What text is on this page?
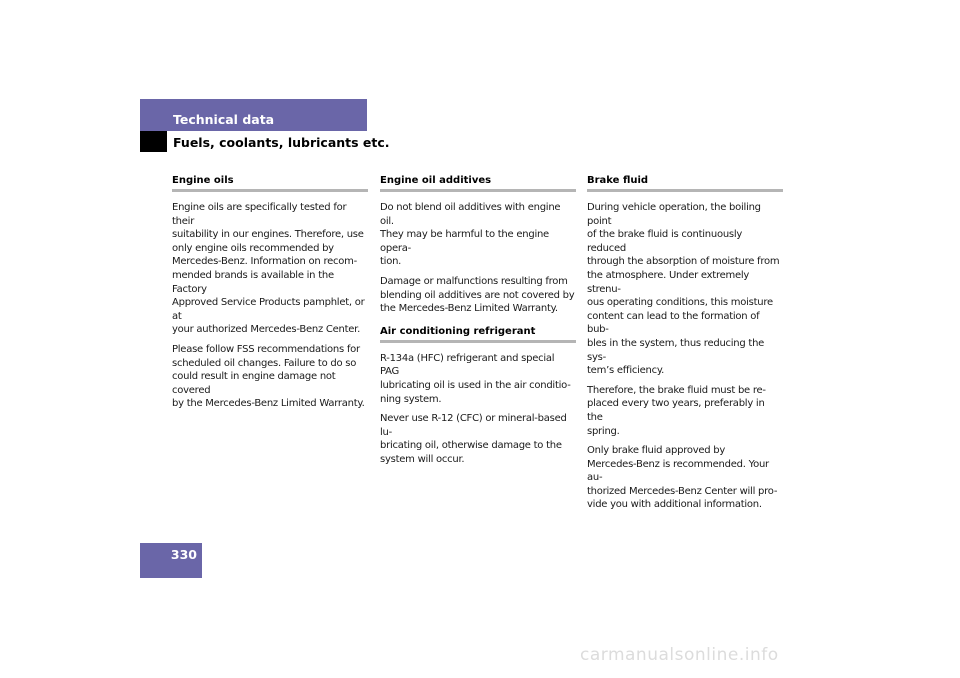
Technical data
Fuels, coolants, lubricants etc.
Engine oils

Engine oils are specifically tested for their
suitability in our engines. Therefore, use
only engine oils recommended by
Mercedes-Benz. Information on recom-
mended brands is available in the Factory
Approved Service Products pamphlet, or at
your authorized Mercedes-Benz Center.

Please follow FSS recommendations for
scheduled oil changes. Failure to do so
could result in engine damage not covered
by the Mercedes-Benz Limited Warranty.

Engine oil additives

Do not blend oil additives with engine oil.
They may be harmful to the engine opera-
tion.

Damage or malfunctions resulting from
blending oil additives are not covered by
the Mercedes-Benz Limited Warranty.

Air conditioning refrigerant

R-134a (HFC) refrigerant and special PAG
lubricating oil is used in the air conditio-
ning system.

Never use R-12 (CFC) or mineral-based lu-
bricating oil, otherwise damage to the
system will occur.

Brake fluid

During vehicle operation, the boiling point
of the brake fluid is continuously reduced
through the absorption of moisture from
the atmosphere. Under extremely strenu-
ous operating conditions, this moisture
content can lead to the formation of bub-
bles in the system, thus reducing the sys-
tem’s efficiency.

Therefore, the brake fluid must be re-
placed every two years, preferably in the
spring.

Only brake fluid approved by
Mercedes-Benz is recommended. Your au-
thorized Mercedes-Benz Center will pro-
vide you with additional information.

330
carmanualsonline.info
